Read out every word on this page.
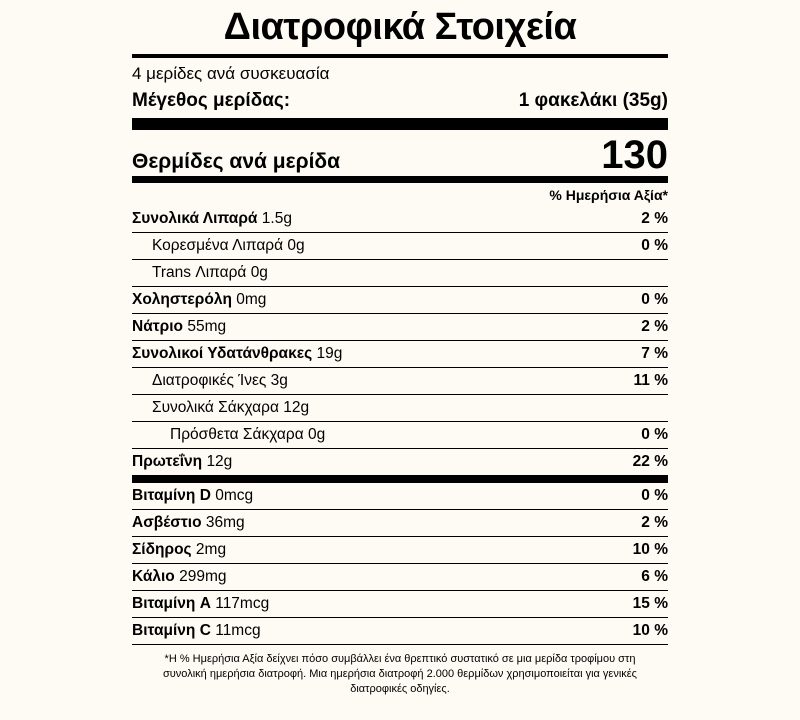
Διατροφικά Στοιχεία
4 μερίδες ανά συσκευασία
Μέγεθος μερίδας:	1 φακελάκι (35g)
Θερμίδες ανά μερίδα	130
% Ημερήσια Αξία*
Συνολικά Λιπαρά 1.5g	2 %
Κορεσμένα Λιπαρά 0g	0 %
Trans Λιπαρά 0g
Χοληστερόλη 0mg	0 %
Νάτριο 55mg	2 %
Συνολικοί Υδατάνθρακες 19g	7 %
Διατροφικές Ίνες 3g	11 %
Συνολικά Σάκχαρα 12g
Πρόσθετα Σάκχαρα 0g	0 %
Πρωτεΐνη 12g	22 %
Βιταμίνη D 0mcg	0 %
Ασβέστιο 36mg	2 %
Σίδηρος 2mg	10 %
Κάλιο 299mg	6 %
Βιταμίνη A 117mcg	15 %
Βιταμίνη C 11mcg	10 %
*Η % Ημερήσια Αξία δείχνει πόσο συμβάλλει ένα θρεπτικό συστατικό σε μια μερίδα τροφίμου στη
συνολική ημερήσια διατροφή. Μια ημερήσια διατροφή 2.000 θερμίδων χρησιμοποιείται για γενικές
διατροφικές οδηγίες.
